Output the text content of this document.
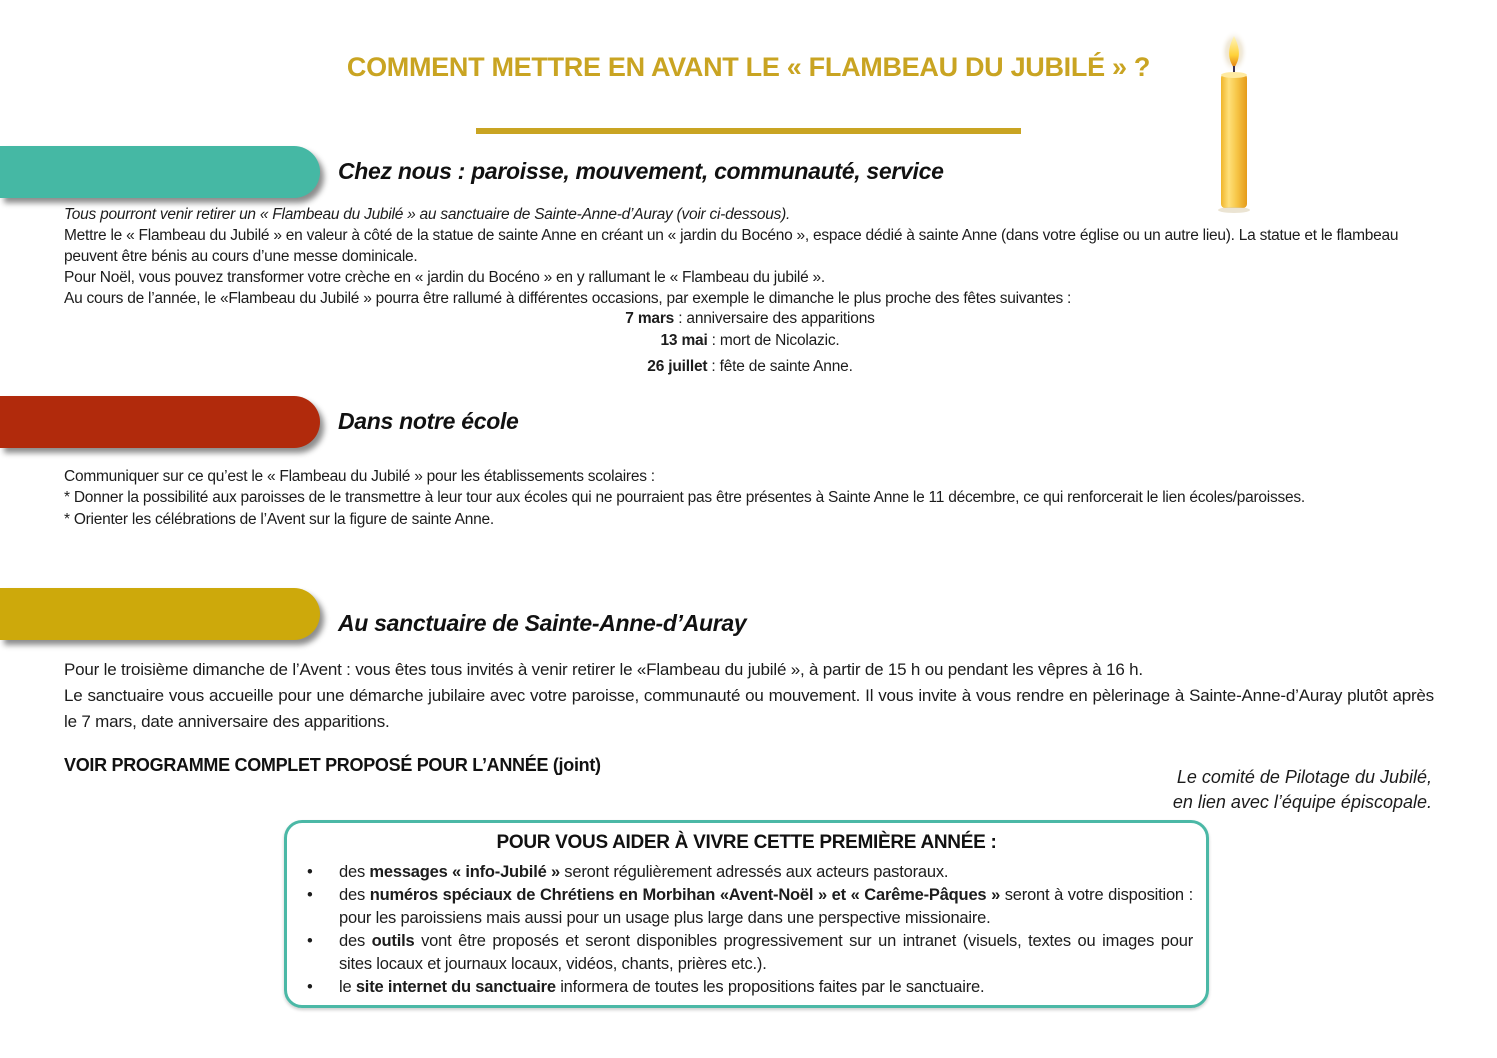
COMMENT METTRE EN AVANT LE « FLAMBEAU DU JUBILÉ » ?
Chez nous : paroisse, mouvement, communauté, service
Tous pourront venir retirer un « Flambeau du Jubilé » au sanctuaire de Sainte-Anne-d’Auray (voir ci-dessous).
Mettre le « Flambeau du Jubilé » en valeur à côté de la statue de sainte Anne en créant un « jardin du Bocéno », espace dédié à sainte Anne (dans votre église ou un autre lieu). La statue et le flambeau peuvent être bénis au cours d’une messe dominicale.
Pour Noël, vous pouvez transformer votre crèche en « jardin du Bocéno » en y rallumant le « Flambeau du jubilé ».
Au cours de l’année, le «Flambeau du Jubilé » pourra être rallumé à différentes occasions, par exemple le dimanche le plus proche des fêtes suivantes :
7 mars : anniversaire des apparitions
13 mai : mort de Nicolazic.
26 juillet : fête de sainte Anne.
Dans notre école
Communiquer sur ce qu’est le « Flambeau du Jubilé » pour les établissements scolaires :
* Donner la possibilité aux paroisses de le transmettre à leur tour aux écoles qui ne pourraient pas être présentes à Sainte Anne le 11 décembre, ce qui renforcerait le lien écoles/paroisses.
* Orienter les célébrations de l’Avent sur la figure de sainte Anne.
Au sanctuaire de Sainte-Anne-d’Auray
Pour le troisième dimanche de l’Avent : vous êtes tous invités à venir retirer le «Flambeau du jubilé », à partir de 15 h ou pendant les vêpres à 16 h.
Le sanctuaire vous accueille pour une démarche jubilaire avec votre paroisse, communauté ou mouvement. Il vous invite à vous rendre en pèlerinage à Sainte-Anne-d’Auray plutôt après le 7 mars, date anniversaire des apparitions.
VOIR PROGRAMME COMPLET PROPOSÉ POUR L’ANNÉE (joint)
Le comité de Pilotage du Jubilé,
en lien avec l’équipe épiscopale.
POUR VOUS AIDER À VIVRE CETTE PREMIÈRE ANNÉE :
• des messages « info-Jubilé » seront régulièrement adressés aux acteurs pastoraux.
• des numéros spéciaux de Chrétiens en Morbihan «Avent-Noël » et « Carême-Pâques » seront à votre disposition : pour les paroissiens mais aussi pour un usage plus large dans une perspective missionaire.
• des outils vont être proposés et seront disponibles progressivement sur un intranet (visuels, textes ou images pour sites locaux et journaux locaux, vidéos, chants, prières etc.).
• le site internet du sanctuaire informera de toutes les propositions faites par le sanctuaire.
